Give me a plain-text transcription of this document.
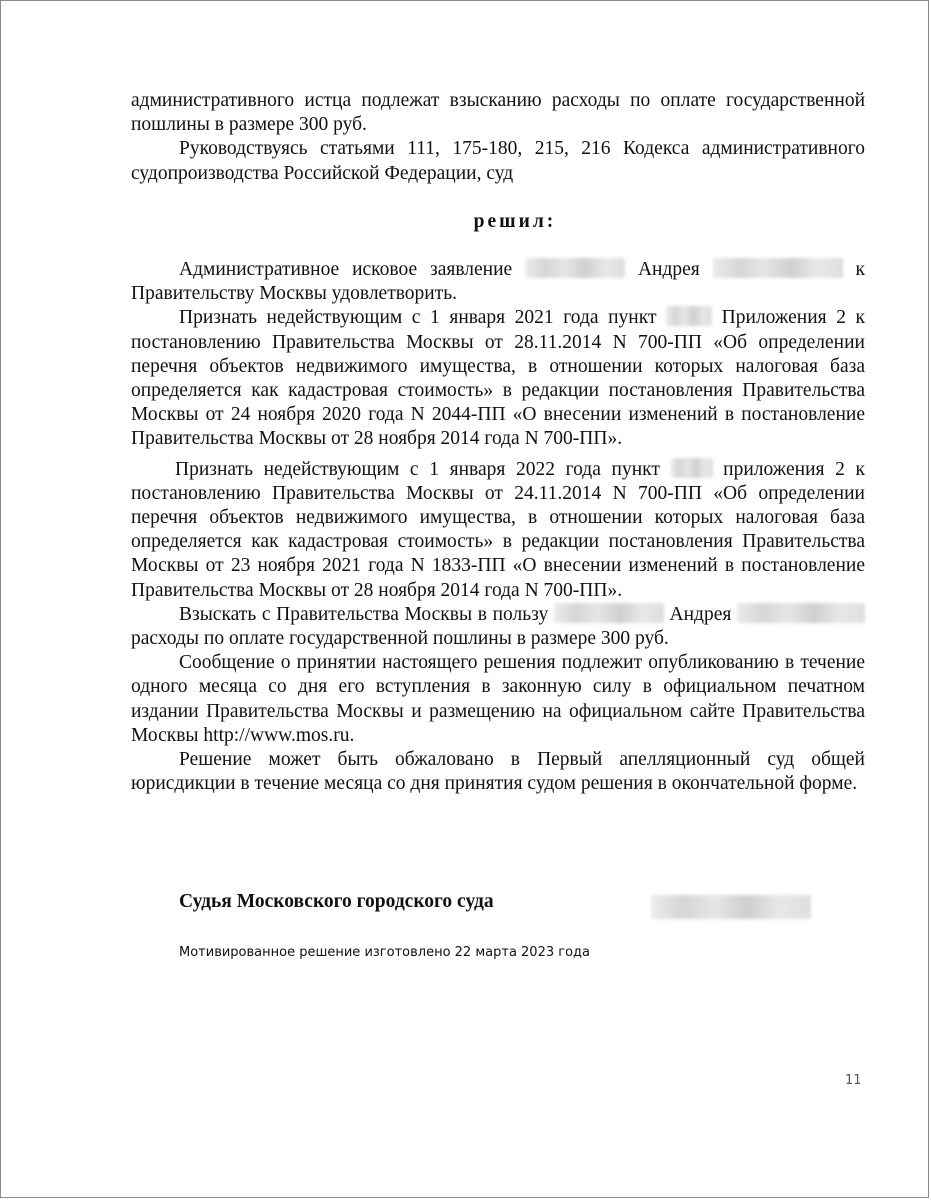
административного истца подлежат взысканию расходы по оплате государственной пошлины в размере 300 руб.

Руководствуясь статьями 111, 175-180, 215, 216 Кодекса административного судопроизводства Российской Федерации, суд

решил:

Административное исковое заявление	Андрея	к Правительству Москвы удовлетворить.

Признать недействующим с 1 января 2021 года пункт	Приложения 2 к постановлению Правительства Москвы от 28.11.2014 N 700-ПП «Об определении перечня объектов недвижимого имущества, в отношении которых налоговая база определяется как кадастровая стоимость» в редакции постановления Правительства Москвы от 24 ноября 2020 года N 2044-ПП «О внесении изменений в постановление Правительства Москвы от 28 ноября 2014 года N 700-ПП».

Признать недействующим с 1 января 2022 года пункт	приложения 2 к постановлению Правительства Москвы от 24.11.2014 N 700-ПП «Об определении перечня объектов недвижимого имущества, в отношении которых налоговая база определяется как кадастровая стоимость» в редакции постановления Правительства Москвы от 23 ноября 2021 года N 1833-ПП «О внесении изменений в постановление Правительства Москвы от 28 ноября 2014 года N 700-ПП».

Взыскать с Правительства Москвы в пользу	Андрея  расходы по оплате государственной пошлины в размере 300 руб.

Сообщение о принятии настоящего решения подлежит опубликованию в течение одного месяца со дня его вступления в законную силу в официальном печатном издании Правительства Москвы и размещению на официальном сайте Правительства Москвы http://www.mos.ru.

Решение может быть обжаловано в Первый апелляционный суд общей юрисдикции в течение месяца со дня принятия судом решения в окончательной форме.

Судья Московского городского суда
Мотивированное решение изготовлено 22 марта 2023 года
11
